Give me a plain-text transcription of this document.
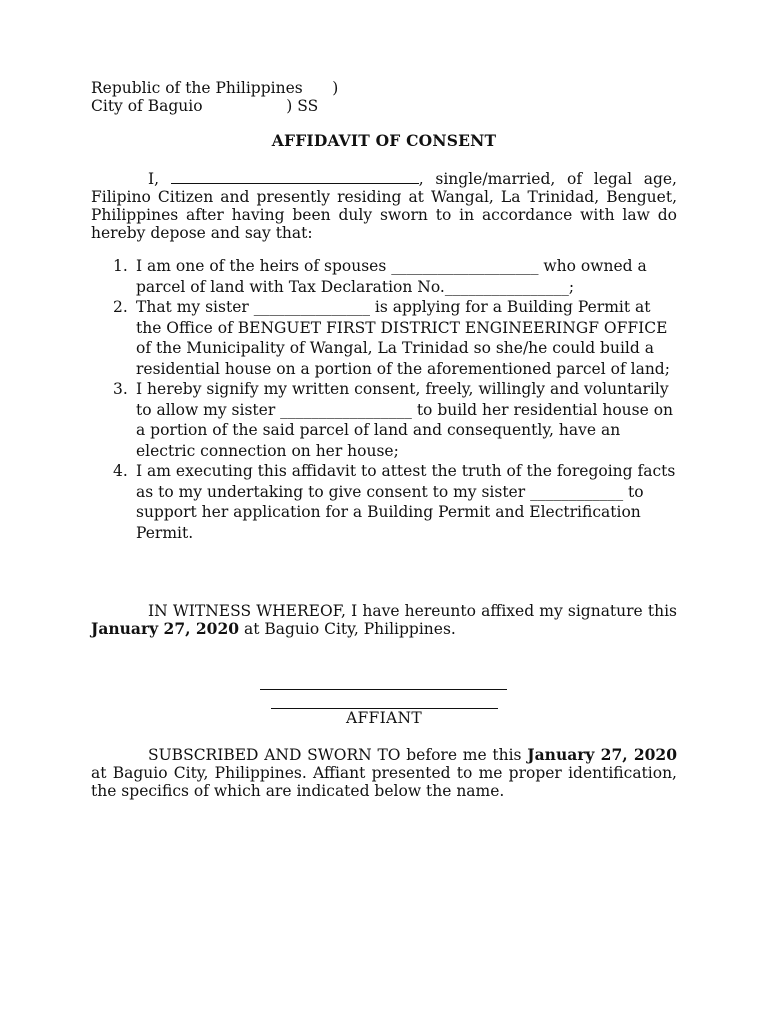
Republic of the Philippines      )
City of Baguio                 ) SS
AFFIDAVIT OF CONSENT
I,	, single/married, of legal age, Filipino Citizen and presently residing at Wangal, La Trinidad, Benguet, Philippines after having been duly sworn to in accordance with law do hereby depose and say that:
1. I am one of the heirs of spouses ___________________ who owned a parcel of land with Tax Declaration No.________________;
2. That my sister _______________ is applying for a Building Permit at the Office of BENGUET FIRST DISTRICT ENGINEERINGF OFFICE of the Municipality of Wangal, La Trinidad so she/he could build a residential house on a portion of the aforementioned parcel of land;
3. I hereby signify my written consent, freely, willingly and voluntarily to allow my sister _________________ to build her residential house on a portion of the said parcel of land and consequently, have an electric connection on her house;
4. I am executing this affidavit to attest the truth of the foregoing facts as to my undertaking to give consent to my sister ____________ to support her application for a Building Permit and Electrification Permit.
IN WITNESS WHEREOF, I have hereunto affixed my signature this January 27, 2020 at Baguio City, Philippines.
AFFIANT
SUBSCRIBED AND SWORN TO before me this January 27, 2020 at Baguio City, Philippines. Affiant presented to me proper identification, the specifics of which are indicated below the name.
